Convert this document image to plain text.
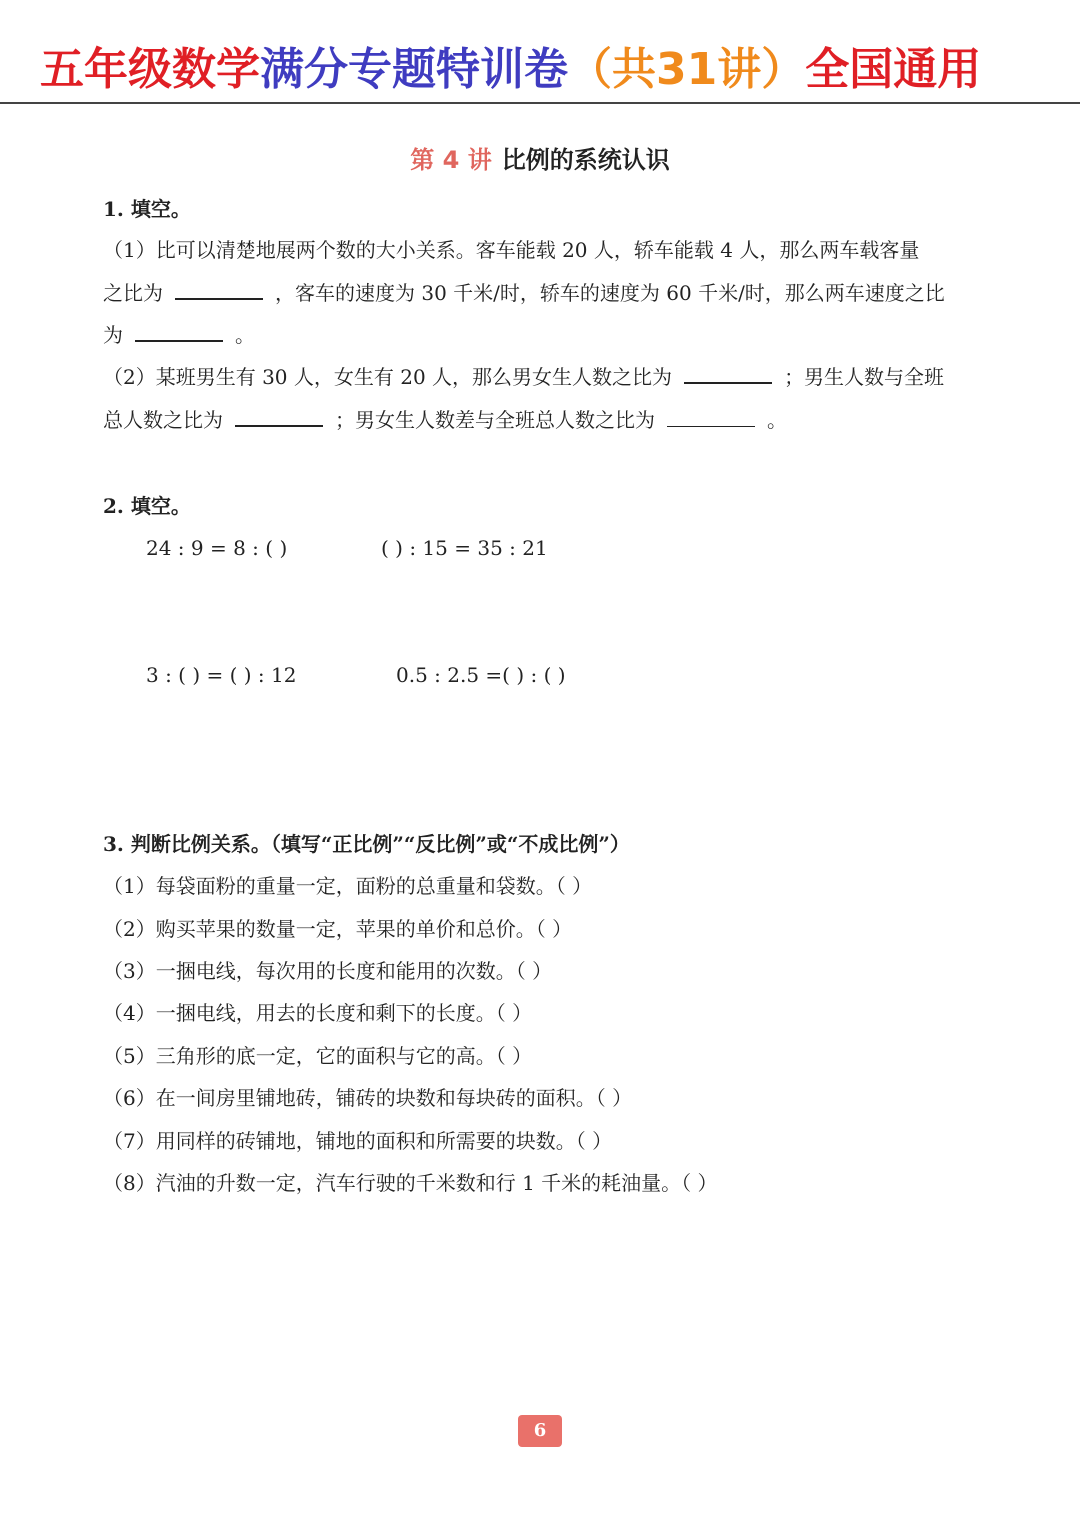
五年级数学满分专题特训卷（共31讲）全国通用
第 4 讲 比例的系统认识
1. 填空。
（1）比可以清楚地展两个数的大小关系。客车能载 20 人，轿车能载 4 人，那么两车载客量
之比为	，客车的速度为 30 千米/时，轿车的速度为 60 千米/时，那么两车速度之比
为	。
（2）某班男生有 30 人，女生有 20 人，那么男女生人数之比为	；男生人数与全班
总人数之比为	；男女生人数差与全班总人数之比为	。
2. 填空。
24 : 9 = 8 : ( )	( ) : 15 = 35 : 21
3 : ( ) = ( ) : 12	0.5 : 2.5 =( ) : ( )
3. 判断比例关系。（填写“正比例”“反比例”或“不成比例”）
（1）每袋面粉的重量一定，面粉的总重量和袋数。（ ）
（2）购买苹果的数量一定，苹果的单价和总价。（ ）
（3）一捆电线，每次用的长度和能用的次数。（ ）
（4）一捆电线，用去的长度和剩下的长度。（ ）
（5）三角形的底一定，它的面积与它的高。（ ）
（6）在一间房里铺地砖，铺砖的块数和每块砖的面积。（ ）
（7）用同样的砖铺地，铺地的面积和所需要的块数。（ ）
（8）汽油的升数一定，汽车行驶的千米数和行 1 千米的耗油量。（ ）
6
